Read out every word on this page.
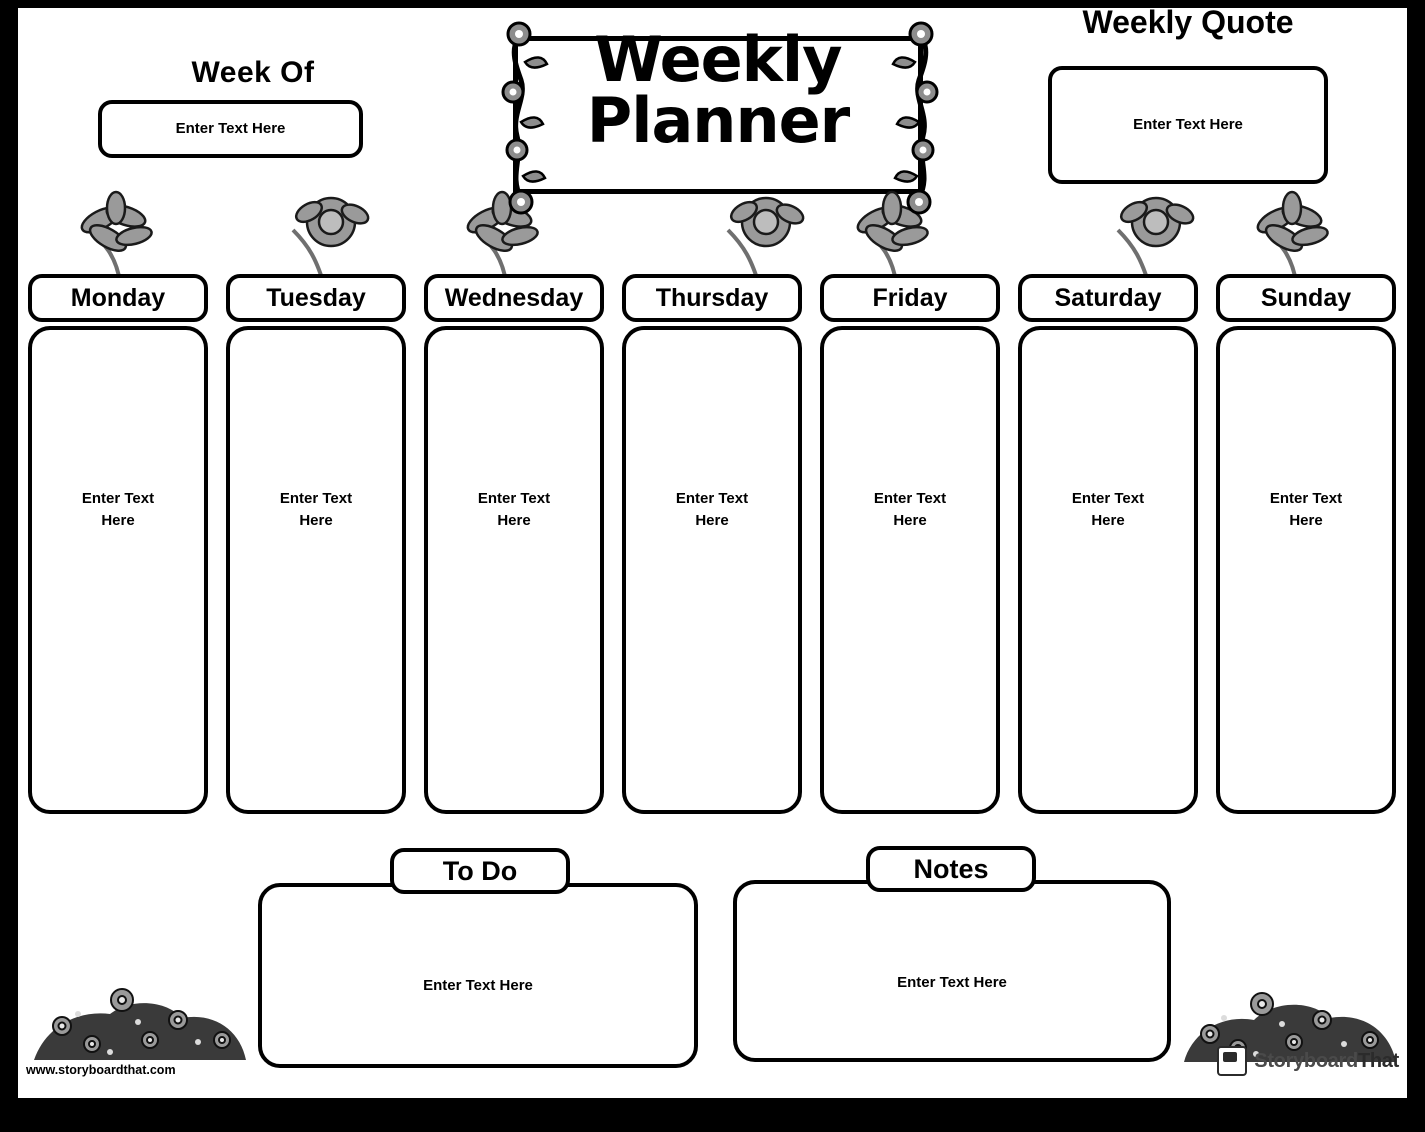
Week Of
Enter Text Here
Weekly Planner
Weekly Quote
Enter Text Here
Monday
Enter Text
Here
Tuesday
Enter Text
Here
Wednesday
Enter Text
Here
Thursday
Enter Text
Here
Friday
Enter Text
Here
Saturday
Enter Text
Here
Sunday
Enter Text
Here
To Do
Enter Text Here
Notes
Enter Text Here
www.storyboardthat.com	StoryboardThat
